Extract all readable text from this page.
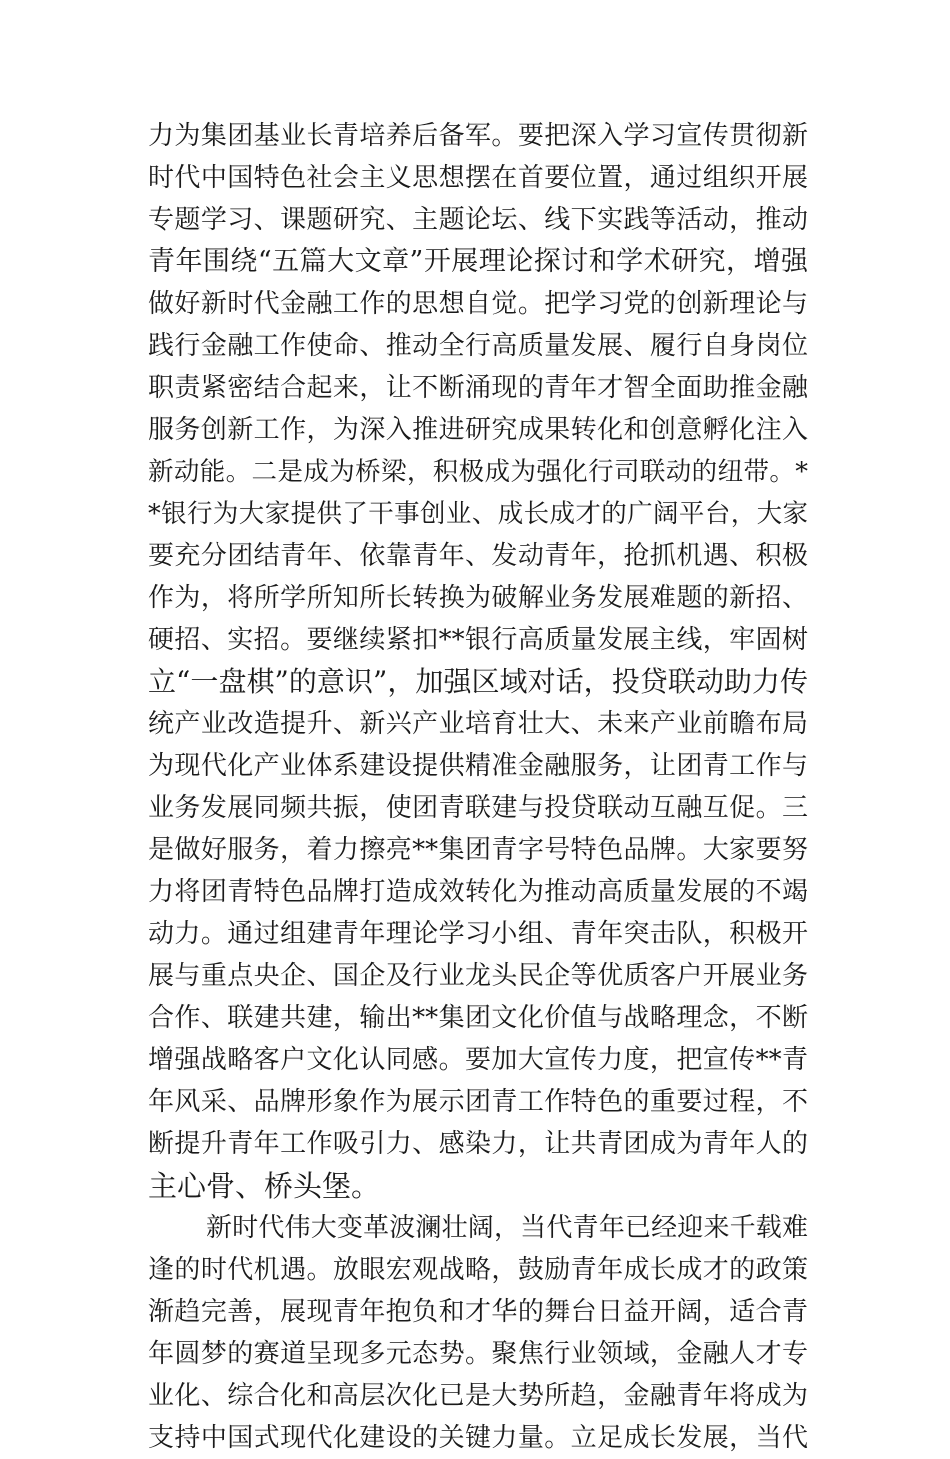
力为集团基业长青培养后备军。要把深入学习宣传贯彻新
时代中国特色社会主义思想摆在首要位置，通过组织开展
专题学习、课题研究、主题论坛、线下实践等活动，推动
青年围绕“五篇大文章”开展理论探讨和学术研究，增强
做好新时代金融工作的思想自觉。把学习党的创新理论与
践行金融工作使命、推动全行高质量发展、履行自身岗位
职责紧密结合起来，让不断涌现的青年才智全面助推金融
服务创新工作，为深入推进研究成果转化和创意孵化注入
新动能。二是成为桥梁，积极成为强化行司联动的纽带。*
*银行为大家提供了干事创业、成长成才的广阔平台，大家
要充分团结青年、依靠青年、发动青年，抢抓机遇、积极
作为，将所学所知所长转换为破解业务发展难题的新招、
硬招、实招。要继续紧扣**银行高质量发展主线，牢固树
立“一盘棋”的意识”，加强区域对话，投贷联动助力传
统产业改造提升、新兴产业培育壮大、未来产业前瞻布局
为现代化产业体系建设提供精准金融服务，让团青工作与
业务发展同频共振，使团青联建与投贷联动互融互促。三
是做好服务，着力擦亮**集团青字号特色品牌。大家要努
力将团青特色品牌打造成效转化为推动高质量发展的不竭
动力。通过组建青年理论学习小组、青年突击队，积极开
展与重点央企、国企及行业龙头民企等优质客户开展业务
合作、联建共建，输出**集团文化价值与战略理念，不断
增强战略客户文化认同感。要加大宣传力度，把宣传**青
年风采、品牌形象作为展示团青工作特色的重要过程，不
断提升青年工作吸引力、感染力，让共青团成为青年人的
主心骨、桥头堡。
新时代伟大变革波澜壮阔，当代青年已经迎来千载难
逢的时代机遇。放眼宏观战略，鼓励青年成长成才的政策
渐趋完善，展现青年抱负和才华的舞台日益开阔，适合青
年圆梦的赛道呈现多元态势。聚焦行业领域，金融人才专
业化、综合化和高层次化已是大势所趋，金融青年将成为
支持中国式现代化建设的关键力量。立足成长发展，当代
